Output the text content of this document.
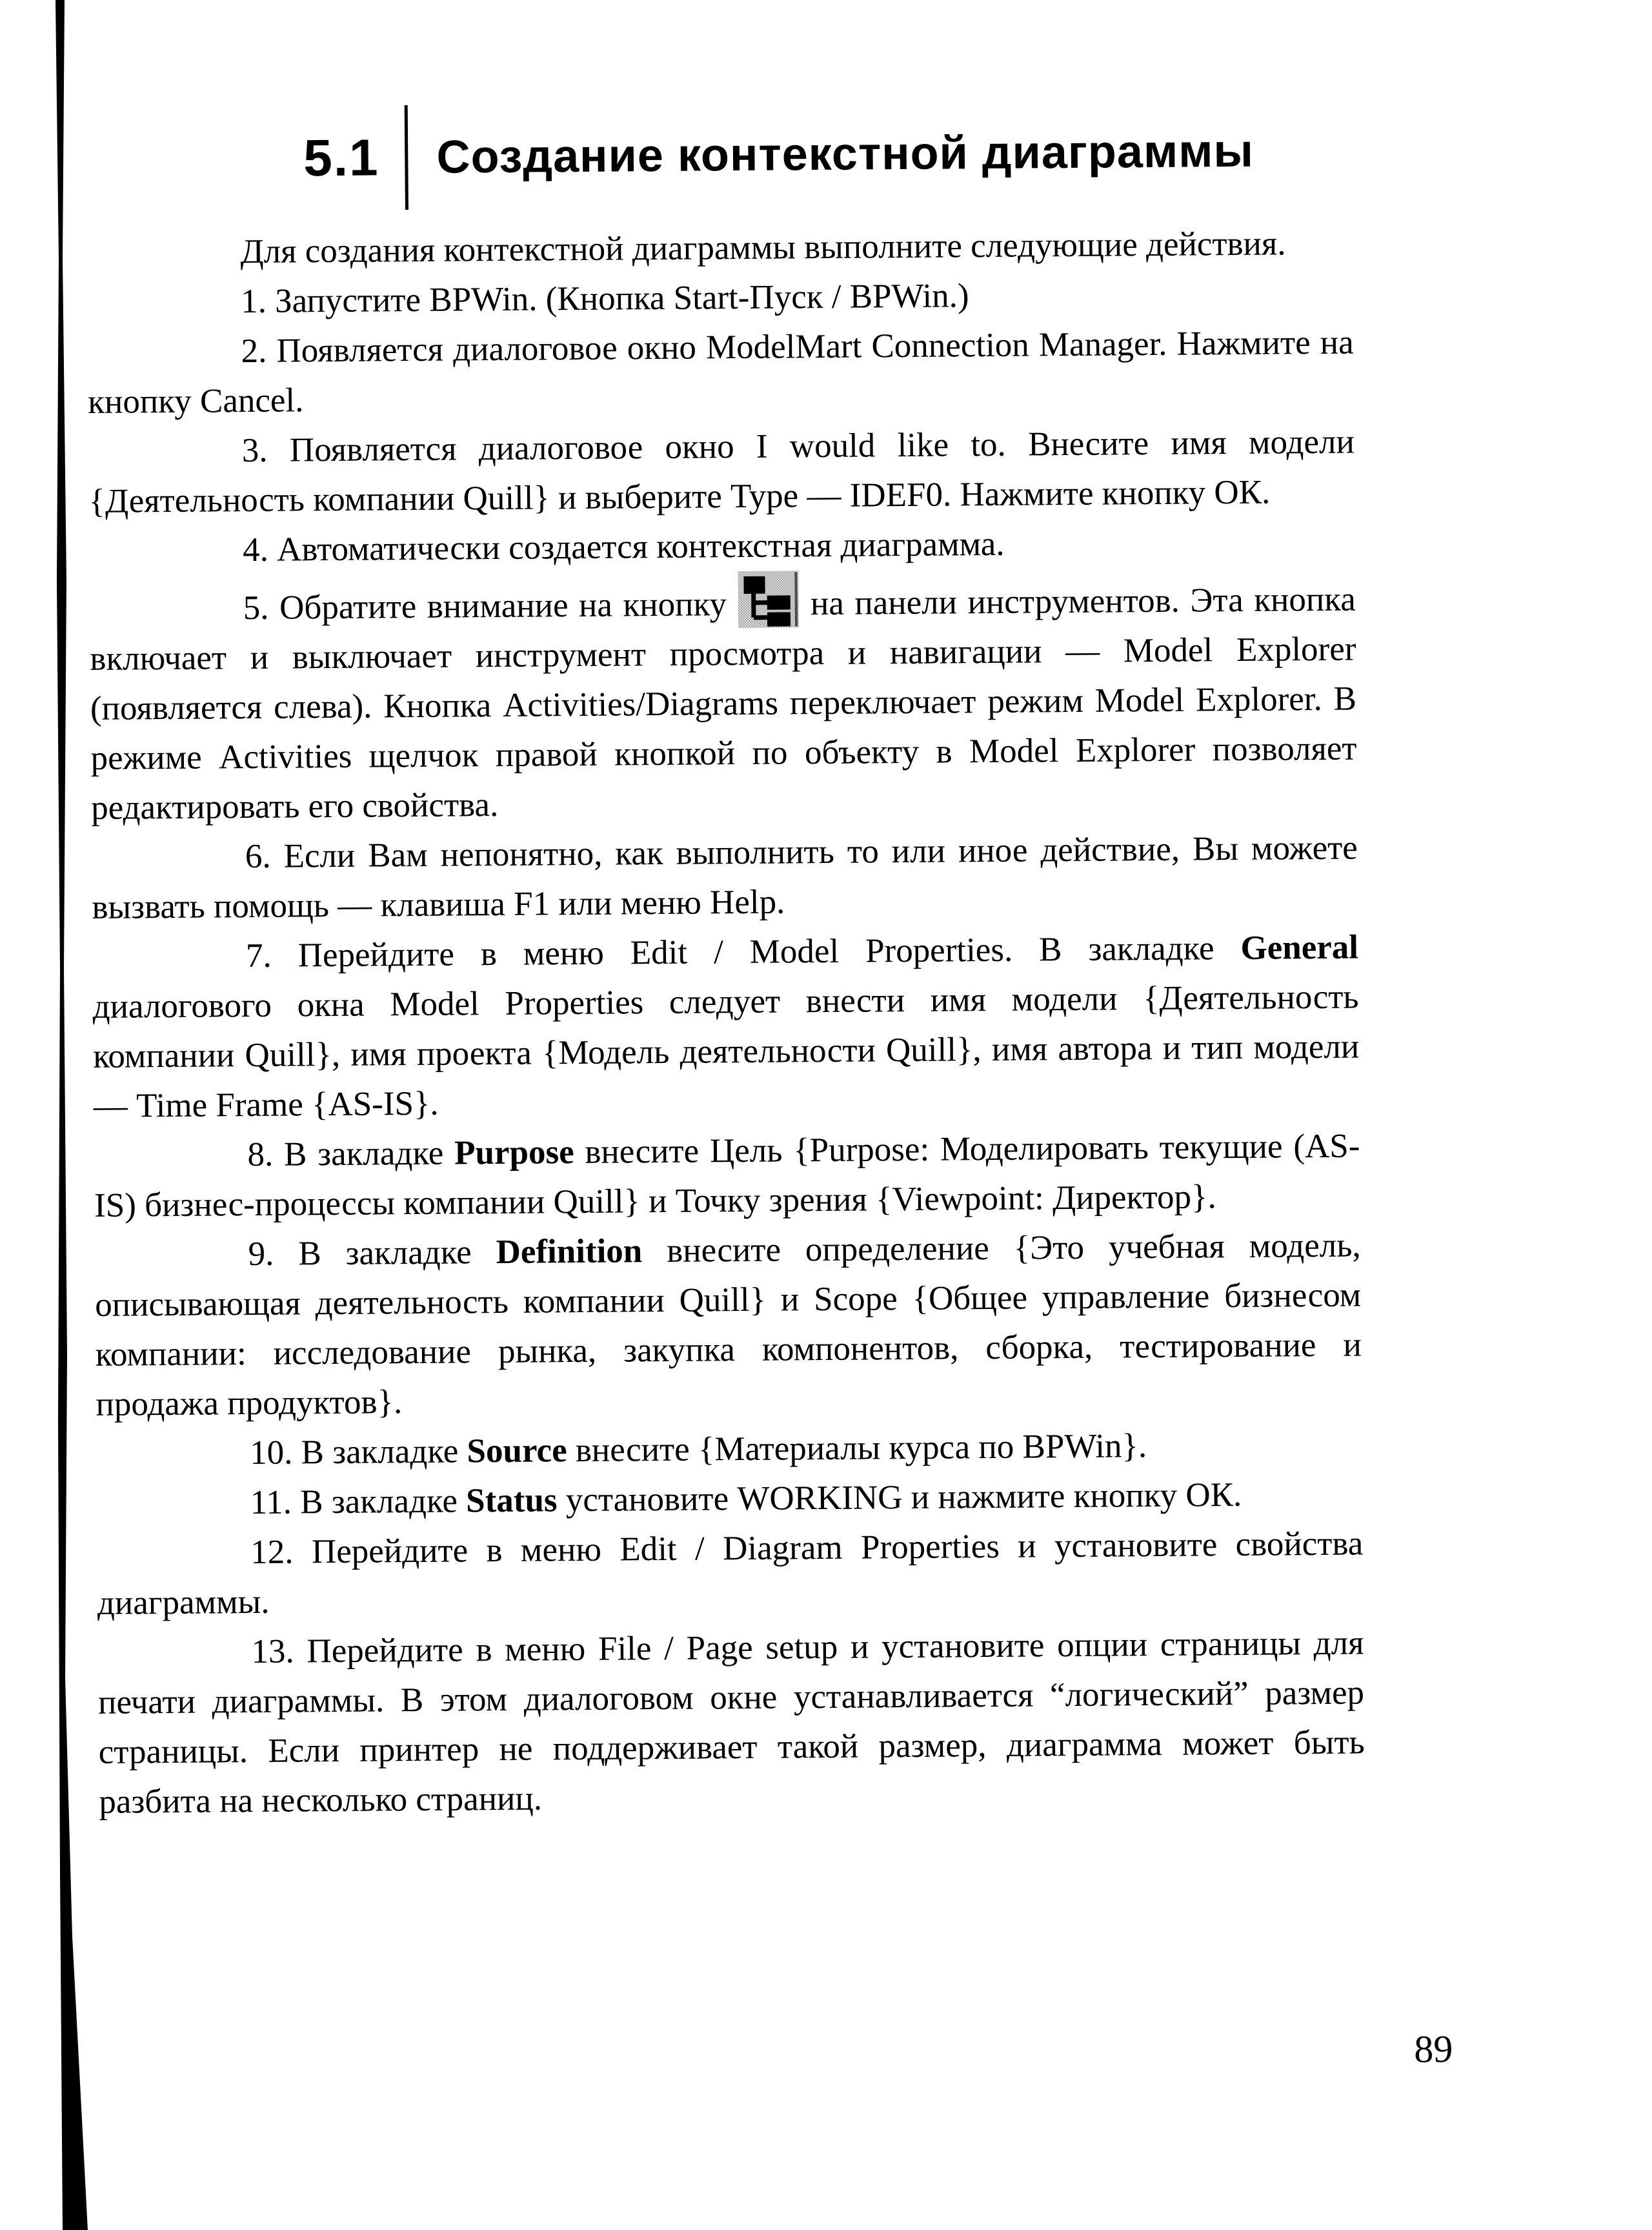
5.1 Создание контекстной диаграммы

Для создания контекстной диаграммы выполните следующие действия.

1. Запустите BPWin. (Кнопка Start-Пуск / BPWin.)

2. Появляется диалоговое окно ModelMart Connection Manager. Нажмите на кнопку Cancel.

3. Появляется диалоговое окно I would like to. Внесите имя модели {Деятельность компании Quill} и выберите Type — IDEF0. Нажмите кнопку ОК.

4. Автоматически создается контекстная диаграмма.

5. Обратите внимание на кнопку на панели инструментов. Эта кнопка включает и выключает инструмент просмотра и навигации — Model Explorer (появляется слева). Кнопка Activities/Diagrams переключает режим Model Explorer. В режиме Activities щелчок правой кнопкой по объекту в Model Explorer позволяет редактировать его свойства.

6. Если Вам непонятно, как выполнить то или иное действие, Вы можете вызвать помощь — клавиша F1 или меню Help.

7. Перейдите в меню Edit / Model Properties. В закладке General диалогового окна Model Properties следует внести имя модели {Деятельность компании Quill}, имя проекта {Модель деятельности Quill}, имя автора и тип модели — Time Frame {AS-IS}.

8. В закладке Purpose внесите Цель {Purpose: Моделировать текущие (AS-IS) бизнес-процессы компании Quill} и Точку зрения {Viewpoint: Директор}.

9. В закладке Definition внесите определение {Это учебная модель, описывающая деятельность компании Quill} и Scope {Общее управление бизнесом компании: исследование рынка, закупка компонентов, сборка, тестирование и продажа продуктов}.

10. В закладке Source внесите {Материалы курса по BPWin}.

11. В закладке Status установите WORKING и нажмите кнопку ОК.

12. Перейдите в меню Edit / Diagram Properties и установите свойства диаграммы.

13. Перейдите в меню File / Page setup и установите опции страницы для печати диаграммы. В этом диалоговом окне устанавливается “логический” размер страницы. Если принтер не поддерживает такой размер, диаграмма может быть разбита на несколько страниц.

89
